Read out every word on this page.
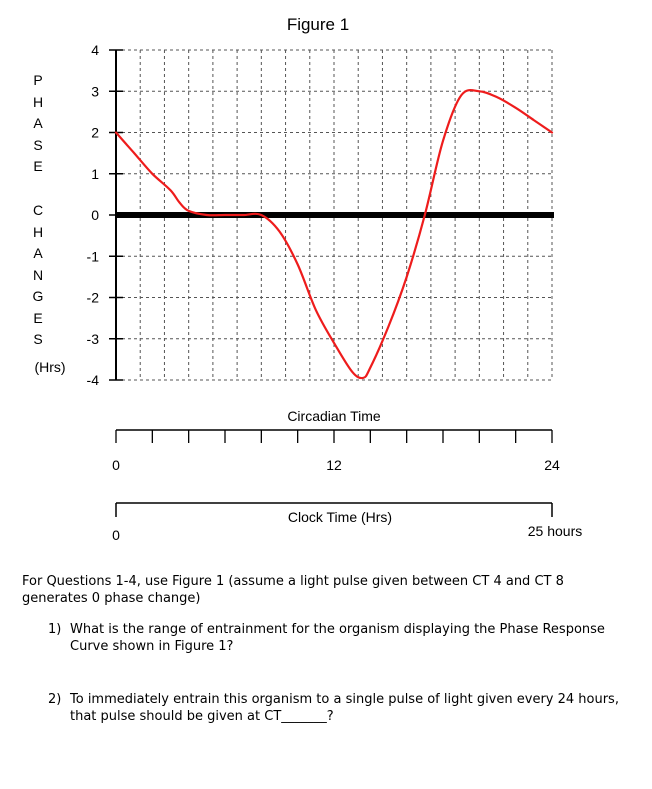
Figure 1
P
H
A
S
E
C
H
A
N
G
E
S
(Hrs)
4
3
2
1
0
-1
-2
-3
-4
Circadian Time
0	12	24
Clock Time (Hrs)
0	25 hours

For Questions 1-4, use Figure 1 (assume a light pulse given between CT 4 and CT 8 generates 0 phase change)

1) What is the range of entrainment for the organism displaying the Phase Response Curve shown in Figure 1?

2) To immediately entrain this organism to a single pulse of light given every 24 hours, that pulse should be given at CT_______?
